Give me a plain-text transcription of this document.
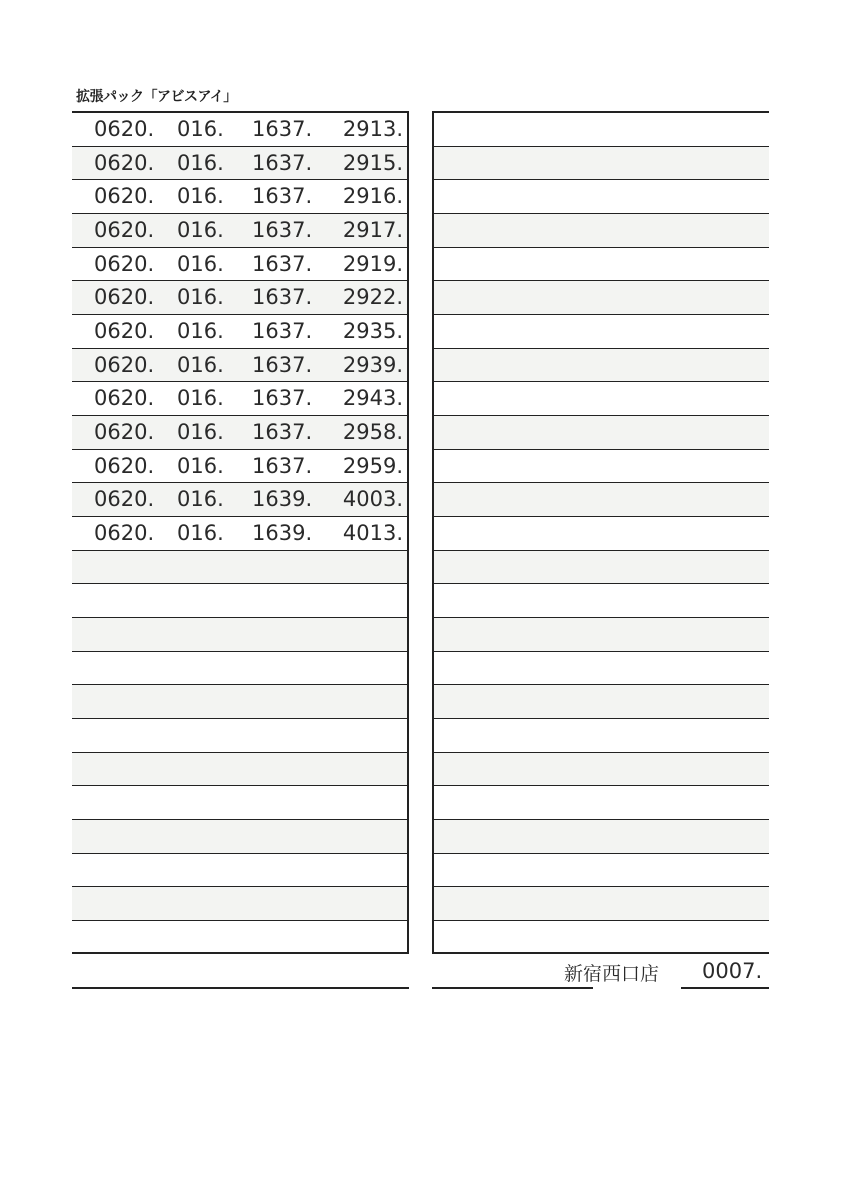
拡張パック「アビスアイ」
0620. 016. 1637. 2913.
0620. 016. 1637. 2915.
0620. 016. 1637. 2916.
0620. 016. 1637. 2917.
0620. 016. 1637. 2919.
0620. 016. 1637. 2922.
0620. 016. 1637. 2935.
0620. 016. 1637. 2939.
0620. 016. 1637. 2943.
0620. 016. 1637. 2958.
0620. 016. 1637. 2959.
0620. 016. 1639. 4003.
0620. 016. 1639. 4013.
新宿西口店 0007.
